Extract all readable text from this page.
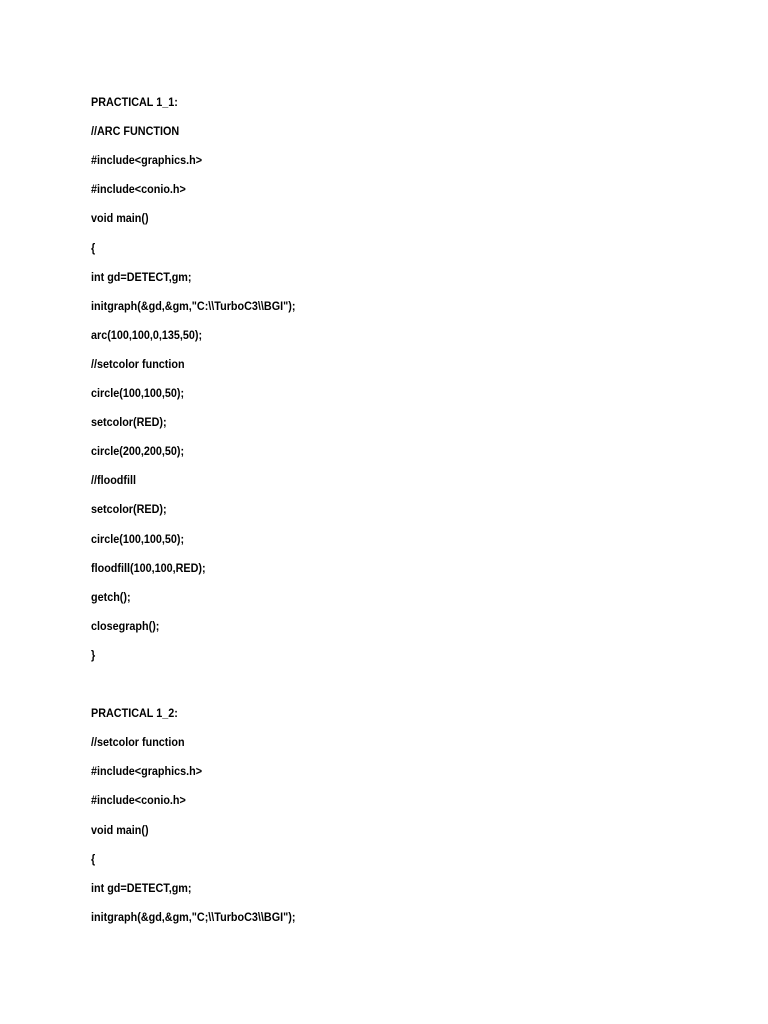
PRACTICAL 1_1:

//ARC FUNCTION

#include<graphics.h>

#include<conio.h>

void main()

{

int gd=DETECT,gm;

initgraph(&gd,&gm,"C:\\TurboC3\\BGI");

arc(100,100,0,135,50);

//setcolor function

circle(100,100,50);

setcolor(RED);

circle(200,200,50);

//floodfill

setcolor(RED);

circle(100,100,50);

floodfill(100,100,RED);

getch();

closegraph();

}

PRACTICAL 1_2:

//setcolor function

#include<graphics.h>

#include<conio.h>

void main()

{

int gd=DETECT,gm;

initgraph(&gd,&gm,"C;\\TurboC3\\BGI");
